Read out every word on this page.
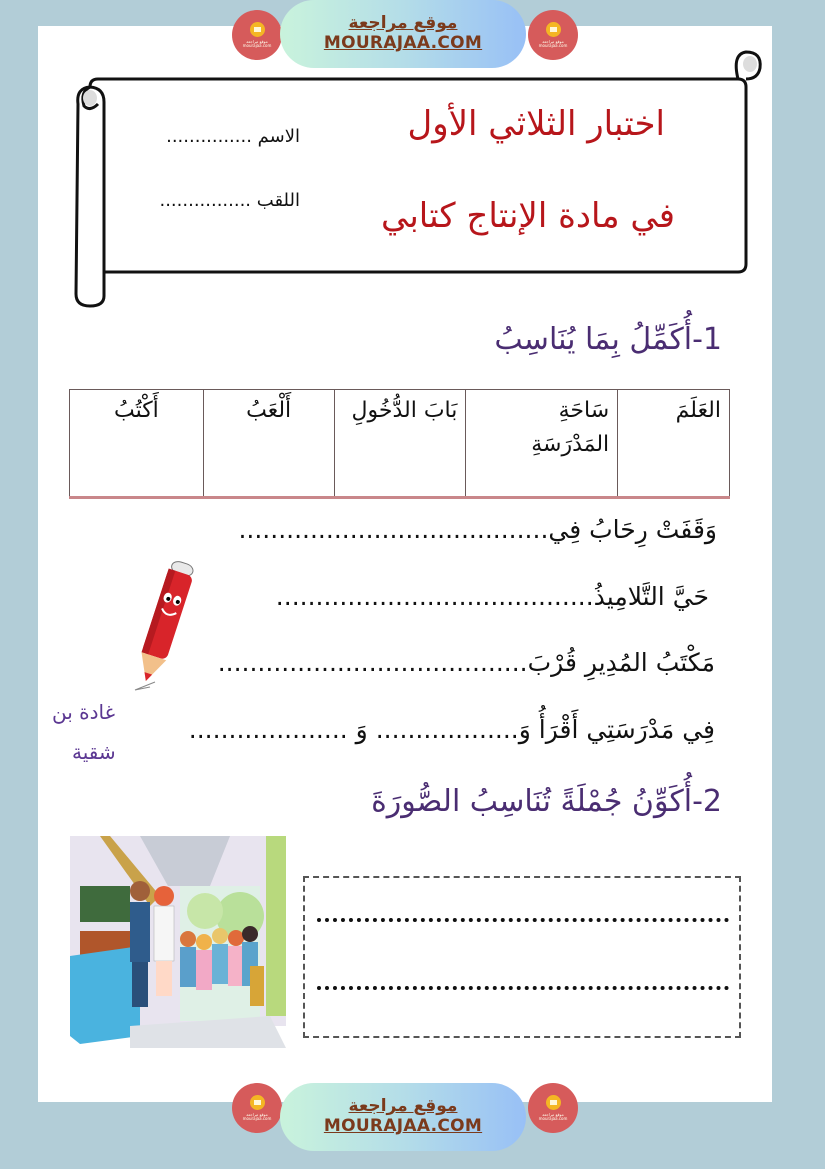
موقع مراجعة
mourajaa.com
موقع مراجعة
MOURAJAA.COM	موقع مراجعة
mourajaa.com
اختبار الثلاثي الأول
في مادة الإنتاج كتابي
الاسم ...............
اللقب ................
1-أُكَمِّلُ بِمَا يُنَاسِبُ
العَلَمَ	سَاحَةِ المَدْرَسَةِ	بَابَ الدُّخُولِ	أَلْعَبُ	أَكْتُبُ
وَقَفَتْ رِحَابُ فِي.......................................
حَيَّ التَّلامِيذُ........................................
مَكْتَبُ المُدِيرِ قُرْبَ.......................................
فِي مَدْرَسَتِي أَقْرَأُ وَ.................. وَ ....................
غادة بن
شقية
2-أُكَوِّنُ جُمْلَةً تُنَاسِبُ الصُّورَةَ
موقع مراجعة
mourajaa.com
موقع مراجعة
MOURAJAA.COM
موقع مراجعة
mourajaa.com
